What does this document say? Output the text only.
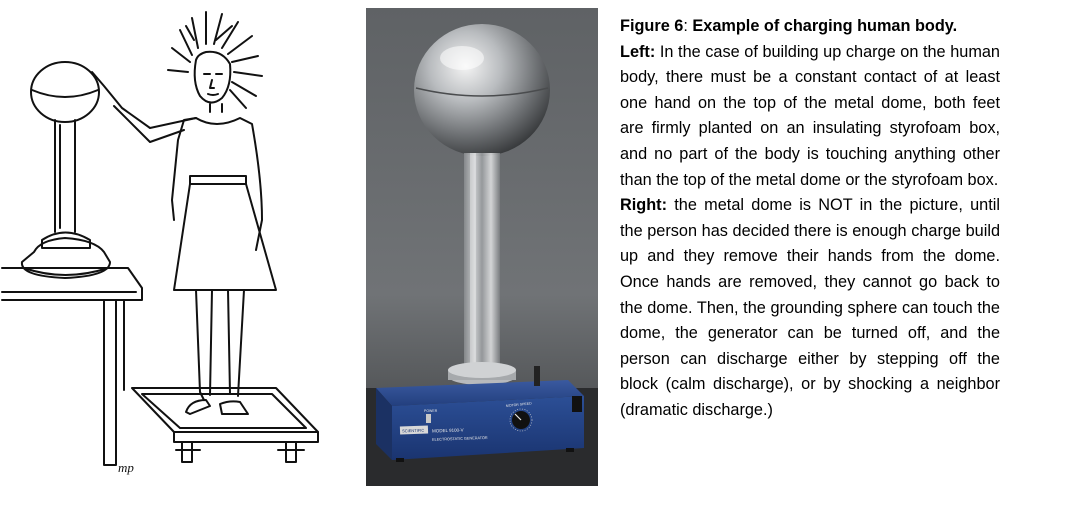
mp
SCIENTIFIC MODEL 9100-V
ELECTROSTATIC GENERATOR
POWER
MOTOR SPEED

Figure 6: Example of charging human body.

Left: In the case of building up charge on the human body, there must be a constant contact of at least one hand on the top of the metal dome, both feet are firmly planted on an insulating styrofoam box, and no part of the body is touching anything other than the top of the metal dome or the styrofoam box.

Right: the metal dome is NOT in the picture, until the person has decided there is enough charge build up and they remove their hands from the dome. Once hands are removed, they cannot go back to the dome. Then, the grounding sphere can touch the dome, the generator can be turned off, and the person can discharge either by stepping off the block (calm discharge), or by shocking a neighbor (dramatic discharge.)
